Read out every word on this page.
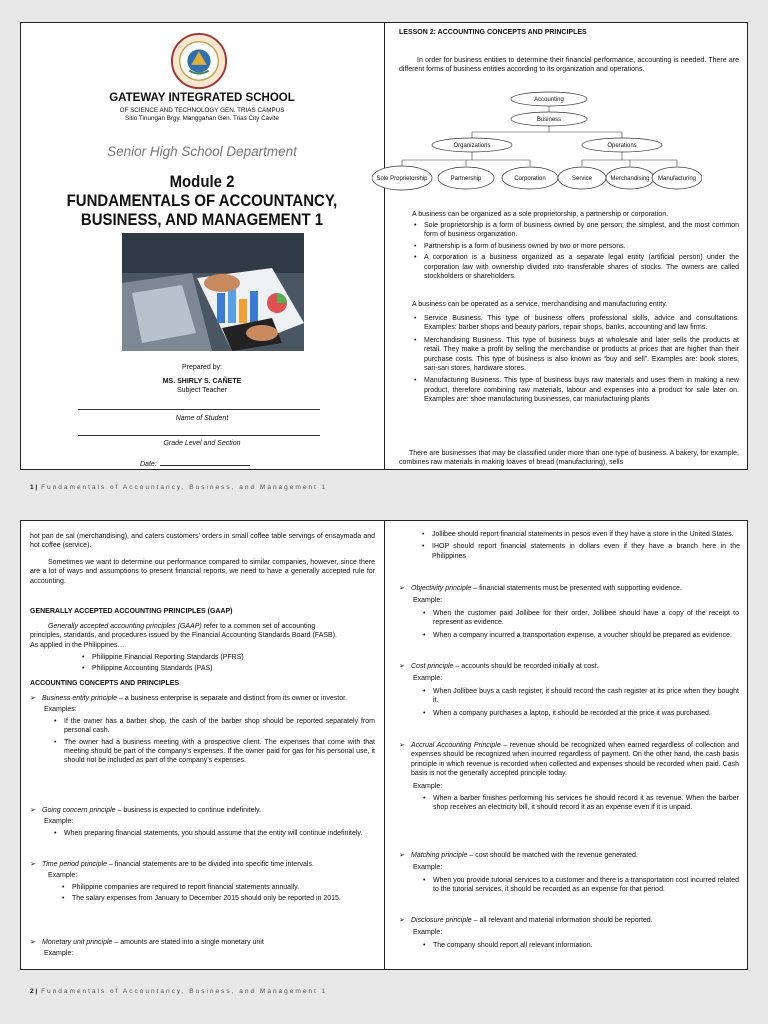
GATEWAY INTEGRATED SCHOOL
OF SCIENCE AND TECHNOLOGY GEN. TRIAS CAMPUS
Sitio Tinungan Brgy. Manggahan Gen. Trias City Cavite
Senior High School Department
Module 2
FUNDAMENTALS OF ACCOUNTANCY,
BUSINESS, AND MANAGEMENT 1
Prepared by:
MS. SHIRLY S. CAÑETE
Subject Teacher
Name of Student
Grade Level and Section
Date:
LESSON 2: ACCOUNTING CONCEPTS AND PRINCIPLES
In order for business entities to determine their financial performance, accounting is needed. There are different forms of business entities according to its organization and operations.
Accounting
Business
Organizations	Operations
Sole Proprietorship	Partnership	Corporation	Service	Merchandising Manufacturing
A business can be organized as a sole proprietorship, a partnership or corporation.
• Sole proprietorship is a form of business owned by one person; the simplest, and the most common form of business organization.
• Partnership is a form of business owned by two or more persons.
• A corporation is a business organized as a separate legal entity (artificial person) under the corporation law with ownership divided into transferable shares of stocks. The owners are called stockholders or shareholders.
A business can be operated as a service, merchandising and manufacturing entity.
• Service Business. This type of business offers professional skills, advice and consultations. Examples: barber shops and beauty parlors, repair shops, banks, accounting and law firms.
• Merchandising Business. This type of business buys at wholesale and later sells the products at retail. They make a profit by selling the merchandise or products at prices that are higher than their purchase costs. This type of business is also known as “buy and sell”. Examples are: book stores, sari-sari stores, hardware stores.
• Manufacturing Business. This type of business buys raw materials and uses them in making a new product, therefore combining raw materials, labour and expenses into a product for sale later on. Examples are: shoe manufacturing businesses, car manufacturing plants
There are businesses that may be classified under more than one type of business. A bakery, for example, combines raw materials in making loaves of bread (manufacturing), sells
1 | Fundamentals of Accountancy, Business, and Management 1
hot pan de sal (merchandising), and caters customers’ orders in small coffee table servings of ensaymada and hot coffee (service).
Sometimes we want to determine our performance compared to similar companies, however, since there are a lot of ways and assumptions to present financial reports, we need to have a generally accepted rule for accounting.
GENERALLY ACCEPTED ACCOUNTING PRINCIPLES (GAAP)
Generally accepted accounting principles (GAAP) refer to a common set of accounting principles, standards, and procedures issued by the Financial Accounting Standards Board (FASB). As applied in the Philippines…
• Philippine Financial Reporting Standards (PFRS)
• Philippine Accounting Standards (PAS)
ACCOUNTING CONCEPTS AND PRINCIPLES
➢ Business entity principle – a business enterprise is separate and distinct from its owner or investor.
Examples:
• If the owner has a barber shop, the cash of the barber shop should be reported separately from personal cash.
• The owner had a business meeting with a prospective client. The expenses that come with that meeting should be part of the company’s expenses. If the owner paid for gas for his personal use, it should not be included as part of the company’s expenses.
➢ Going concern principle – business is expected to continue indefinitely.
Example:
• When preparing financial statements, you should assume that the entity will continue indefinitely.
➢ Time period principle – financial statements are to be divided into specific time intervals.
Example:
• Philippine companies are required to report financial statements annually.
• The salary expenses from January to December 2015 should only be reported in 2015.
➢ Monetary unit principle – amounts are stated into a single monetary unit
Example:
• Jollibee should report financial statements in pesos even if they have a store in the United States.
• IHOP should report financial statements in dollars even if they have a branch here in the Philippines
➢ Objectivity principle – financial statements must be presented with supporting evidence.
Example:
• When the customer paid Jollibee for their order, Jollibee should have a copy of the receipt to represent as evidence.
• When a company incurred a transportation expense, a voucher should be prepared as evidence.
➢ Cost principle – accounts should be recorded initially at cost.
Example:
• When Jollibee buys a cash register, it should record the cash register at its price when they bought it.
• When a company purchases a laptop, it should be recorded at the price it was purchased.
➢ Accrual Accounting Principle – revenue should be recognized when earned regardless of collection and expenses should be recognized when incurred regardless of payment. On the other hand, the cash basis principle in which revenue is recorded when collected and expenses should be recorded when paid. Cash basis is not the generally accepted principle today.
Example:
• When a barber finishes performing his services he should record it as revenue. When the barber shop receives an electricity bill, it should record it as an expense even if it is unpaid.
➢ Matching principle – cost should be matched with the revenue generated.
Example:
• When you provide tutorial services to a customer and there is a transportation cost incurred related to the tutorial services, it should be recorded as an expense for that period.
➢ Disclosure principle – all relevant and material information should be reported.
Example:
• The company should report all relevant information.
2 | Fundamentals of Accountancy, Business, and Management 1
